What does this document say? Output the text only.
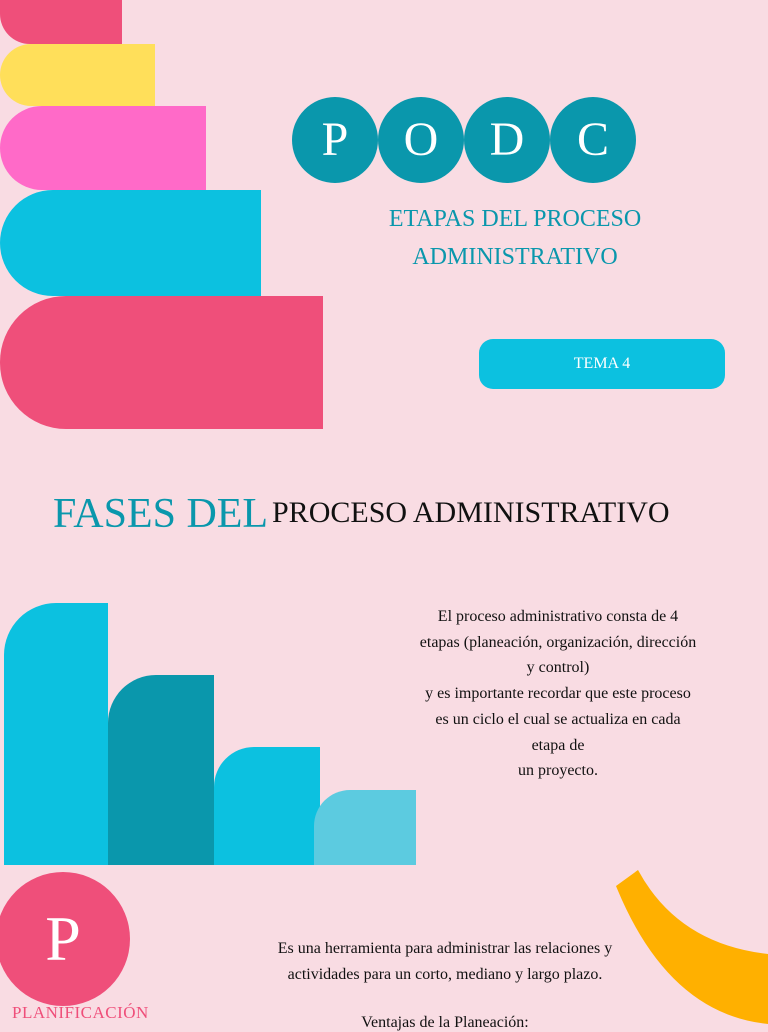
P	O	D	C
ETAPAS DEL PROCESO
ADMINISTRATIVO
TEMA 4
FASES DEL PROCESO ADMINISTRATIVO

El proceso administrativo consta de 4

etapas (planeación, organización, dirección

y control)

y es importante recordar que este proceso

es un ciclo el cual se actualiza en cada

etapa de

un proyecto.

P
PLANIFICACIÓN

Es una herramienta para administrar las relaciones y

actividades para un corto, mediano y largo plazo.

Ventajas de la Planeación:
